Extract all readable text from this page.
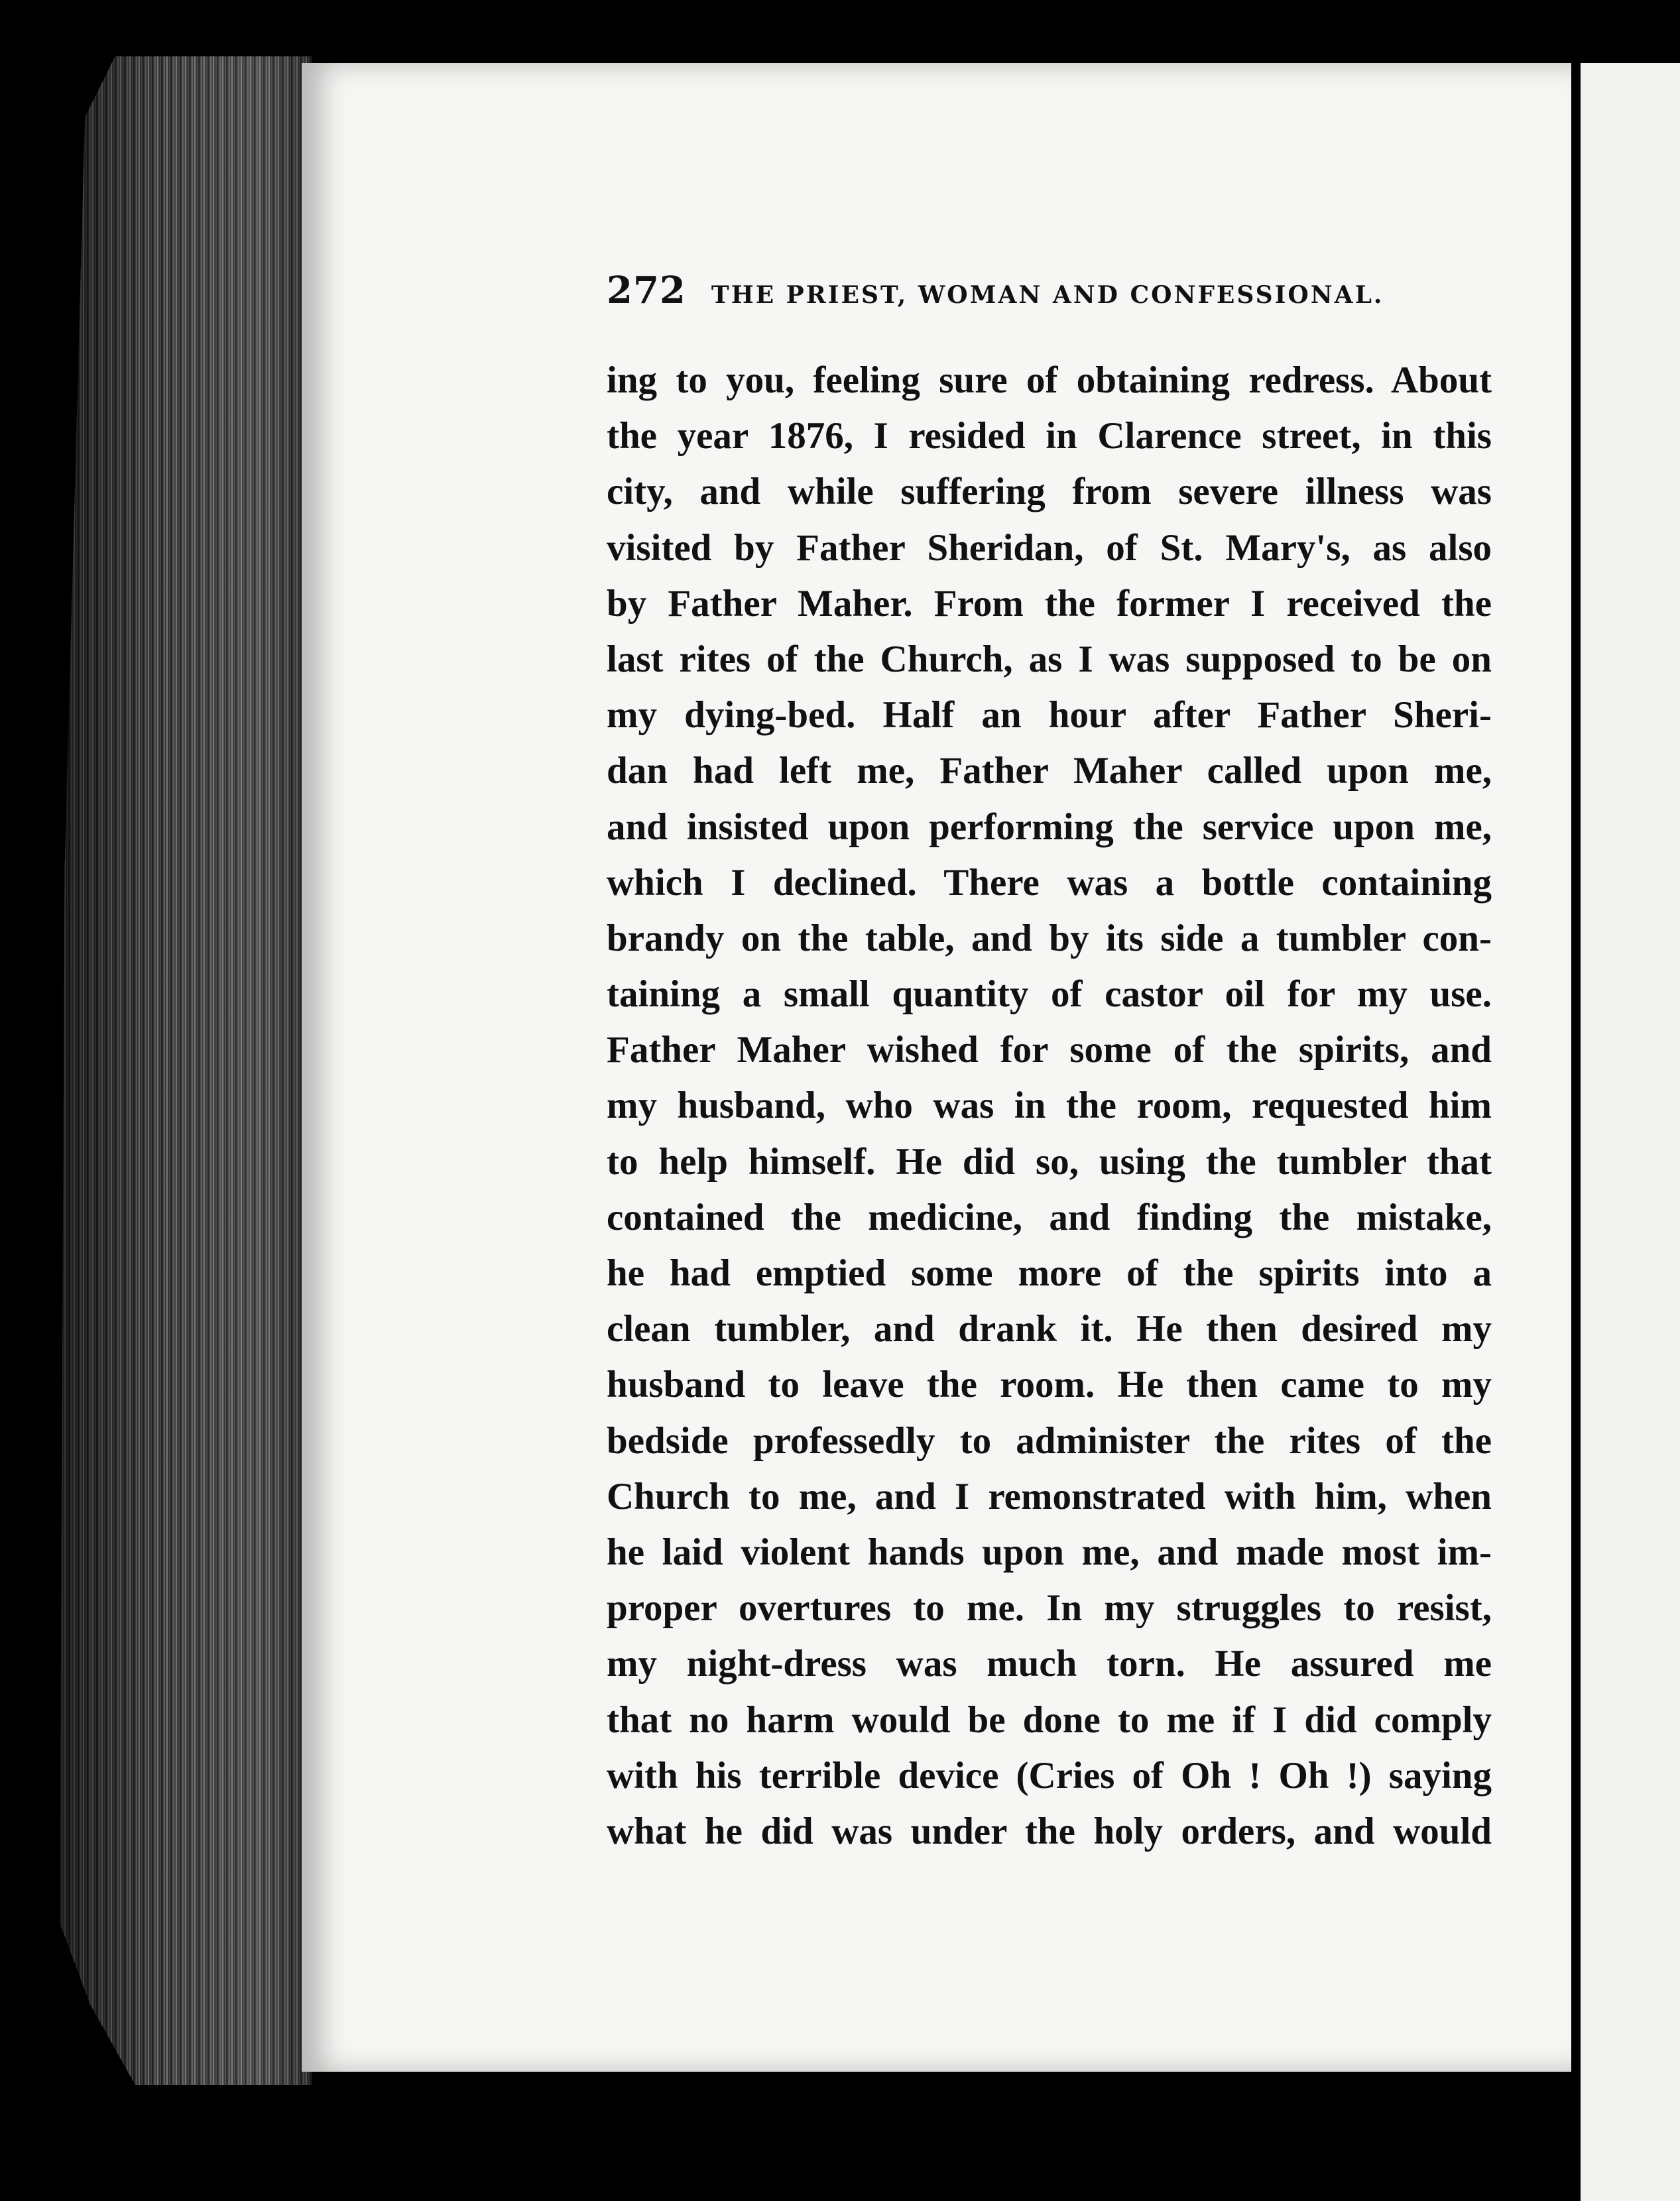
272 THE PRIEST, WOMAN AND CONFESSIONAL.
ing to you, feeling sure of obtaining redress. About
the year 1876, I resided in Clarence street, in this
city, and while suffering from severe illness was
visited by Father Sheridan, of St. Mary's, as also
by Father Maher. From the former I received the
last rites of the Church, as I was supposed to be on
my dying-bed. Half an hour after Father Sheri-
dan had left me, Father Maher called upon me,
and insisted upon performing the service upon me,
which I declined. There was a bottle containing
brandy on the table, and by its side a tumbler con-
taining a small quantity of castor oil for my use.
Father Maher wished for some of the spirits, and
my husband, who was in the room, requested him
to help himself. He did so, using the tumbler that
contained the medicine, and finding the mistake,
he had emptied some more of the spirits into a
clean tumbler, and drank it. He then desired my
husband to leave the room. He then came to my
bedside professedly to administer the rites of the
Church to me, and I remonstrated with him, when
he laid violent hands upon me, and made most im-
proper overtures to me. In my struggles to resist,
my night-dress was much torn. He assured me
that no harm would be done to me if I did comply
with his terrible device (Cries of Oh ! Oh !) saying
what he did was under the holy orders, and would
